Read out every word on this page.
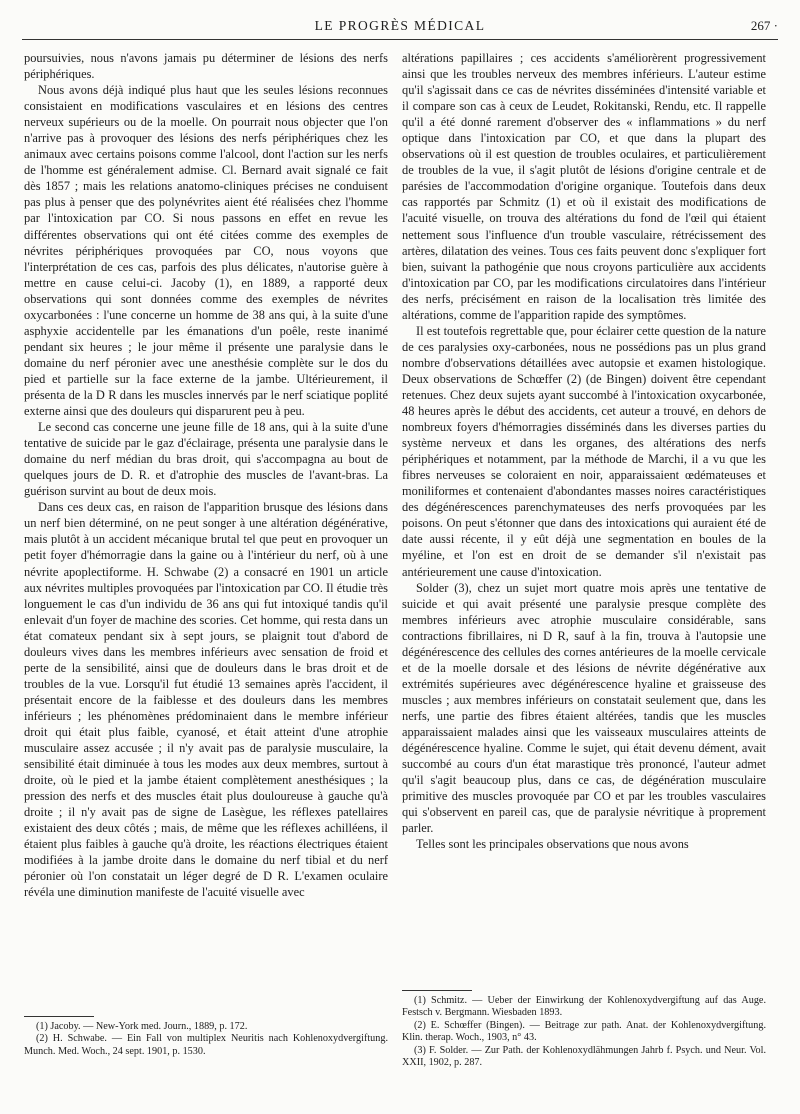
LE PROGRÈS MÉDICAL	267 ·

poursuivies, nous n'avons jamais pu déterminer de lésions des nerfs périphériques.

Nous avons déjà indiqué plus haut que les seules lésions reconnues consistaient en modifications vasculaires et en lésions des centres nerveux supérieurs ou de la moelle. On pourrait nous objecter que l'on n'arrive pas à provoquer des lésions des nerfs périphériques chez les animaux avec certains poisons comme l'alcool, dont l'action sur les nerfs de l'homme est généralement admise. Cl. Bernard avait signalé ce fait dès 1857 ; mais les relations anatomo-cliniques précises ne conduisent pas plus à penser que des polynévrites aient été réalisées chez l'homme par l'intoxication par CO. Si nous passons en effet en revue les différentes observations qui ont été citées comme des exemples de névrites périphériques provoquées par CO, nous voyons que l'interprétation de ces cas, parfois des plus délicates, n'autorise guère à mettre en cause celui-ci. Jacoby (1), en 1889, a rapporté deux observations qui sont données comme des exemples de névrites oxycarbonées : l'une concerne un homme de 38 ans qui, à la suite d'une asphyxie accidentelle par les émanations d'un poêle, reste inanimé pendant six heures ; le jour même il présente une paralysie dans le domaine du nerf péronier avec une anesthésie complète sur le dos du pied et partielle sur la face externe de la jambe. Ultérieurement, il présenta de la D R dans les muscles innervés par le nerf sciatique poplité externe ainsi que des douleurs qui disparurent peu à peu.

Le second cas concerne une jeune fille de 18 ans, qui à la suite d'une tentative de suicide par le gaz d'éclairage, présenta une paralysie dans le domaine du nerf médian du bras droit, qui s'accompagna au bout de quelques jours de D. R. et d'atrophie des muscles de l'avant-bras. La guérison survint au bout de deux mois.

Dans ces deux cas, en raison de l'apparition brusque des lésions dans un nerf bien déterminé, on ne peut songer à une altération dégénérative, mais plutôt à un accident mécanique brutal tel que peut en provoquer un petit foyer d'hémorragie dans la gaine ou à l'intérieur du nerf, où à une névrite apoplectiforme. H. Schwabe (2) a consacré en 1901 un article aux névrites multiples provoquées par l'intoxication par CO. Il étudie très longuement le cas d'un individu de 36 ans qui fut intoxiqué tandis qu'il enlevait d'un foyer de machine des scories. Cet homme, qui resta dans un état comateux pendant six à sept jours, se plaignit tout d'abord de douleurs vives dans les membres inférieurs avec sensation de froid et perte de la sensibilité, ainsi que de douleurs dans le bras droit et de troubles de la vue. Lorsqu'il fut étudié 13 semaines après l'accident, il présentait encore de la faiblesse et des douleurs dans les membres inférieurs ; les phénomènes prédominaient dans le membre inférieur droit qui était plus faible, cyanosé, et était atteint d'une atrophie musculaire assez accusée ; il n'y avait pas de paralysie musculaire, la sensibilité était diminuée à tous les modes aux deux membres, surtout à droite, où le pied et la jambe étaient complètement anesthésiques ; la pression des nerfs et des muscles était plus douloureuse à gauche qu'à droite ; il n'y avait pas de signe de Lasègue, les réflexes patellaires existaient des deux côtés ; mais, de même que les réflexes achilléens, il étaient plus faibles à gauche qu'à droite, les réactions électriques étaient modifiées à la jambe droite dans le domaine du nerf tibial et du nerf péronier où l'on constatait un léger degré de D R. L'examen oculaire révéla une diminution manifeste de l'acuité visuelle avec

altérations papillaires ; ces accidents s'améliorèrent progressivement ainsi que les troubles nerveux des membres inférieurs. L'auteur estime qu'il s'agissait dans ce cas de névrites disséminées d'intensité variable et il compare son cas à ceux de Leudet, Rokitanski, Rendu, etc. Il rappelle qu'il a été donné rarement d'observer des « inflammations » du nerf optique dans l'intoxication par CO, et que dans la plupart des observations où il est question de troubles oculaires, et particulièrement de troubles de la vue, il s'agit plutôt de lésions d'origine centrale et de parésies de l'accommodation d'origine organique. Toutefois dans deux cas rapportés par Schmitz (1) et où il existait des modifications de l'acuité visuelle, on trouva des altérations du fond de l'œil qui étaient nettement sous l'influence d'un trouble vasculaire, rétrécissement des artères, dilatation des veines. Tous ces faits peuvent donc s'expliquer fort bien, suivant la pathogénie que nous croyons particulière aux accidents d'intoxication par CO, par les modifications circulatoires dans l'intérieur des nerfs, précisément en raison de la localisation très limitée des altérations, comme de l'apparition rapide des symptômes.

Il est toutefois regrettable que, pour éclairer cette question de la nature de ces paralysies oxy-carbonées, nous ne possédions pas un plus grand nombre d'observations détaillées avec autopsie et examen histologique. Deux observations de Schœffer (2) (de Bingen) doivent être cependant retenues. Chez deux sujets ayant succombé à l'intoxication oxycarbonée, 48 heures après le début des accidents, cet auteur a trouvé, en dehors de nombreux foyers d'hémorragies disséminés dans les diverses parties du système nerveux et dans les organes, des altérations des nerfs périphériques et notamment, par la méthode de Marchi, il a vu que les fibres nerveuses se coloraient en noir, apparaissaient œdémateuses et moniliformes et contenaient d'abondantes masses noires caractéristiques des dégénérescences parenchymateuses des nerfs provoquées par les poisons. On peut s'étonner que dans des intoxications qui auraient été de date aussi récente, il y eût déjà une segmentation en boules de la myéline, et l'on est en droit de se demander s'il n'existait pas antérieurement une cause d'intoxication.

Solder (3), chez un sujet mort quatre mois après une tentative de suicide et qui avait présenté une paralysie presque complète des membres inférieurs avec atrophie musculaire considérable, sans contractions fibrillaires, ni D R, sauf à la fin, trouva à l'autopsie une dégénérescence des cellules des cornes antérieures de la moelle cervicale et de la moelle dorsale et des lésions de névrite dégénérative aux extrémités supérieures avec dégénérescence hyaline et graisseuse des muscles ; aux membres inférieurs on constatait seulement que, dans les nerfs, une partie des fibres étaient altérées, tandis que les muscles apparaissaient malades ainsi que les vaisseaux musculaires atteints de dégénérescence hyaline. Comme le sujet, qui était devenu dément, avait succombé au cours d'un état marastique très prononcé, l'auteur admet qu'il s'agit beaucoup plus, dans ce cas, de dégénération musculaire primitive des muscles provoquée par CO et par les troubles vasculaires qui s'observent en pareil cas, que de paralysie névritique à proprement parler.

Telles sont les principales observations que nous avons

(1) Jacoby. — New-York med. Journ., 1889, p. 172.

(2) H. Schwabe. — Ein Fall von multiplex Neuritis nach Kohlenoxydvergiftung. Munch. Med. Woch., 24 sept. 1901, p. 1530.

(1) Schmitz. — Ueber der Einwirkung der Kohlenoxydvergiftung auf das Auge. Festsch v. Bergmann. Wiesbaden 1893.

(2) E. Schœffer (Bingen). — Beitrage zur path. Anat. der Kohlenoxydvergiftung. Klin. therap. Woch., 1903, n° 43.

(3) F. Solder. — Zur Path. der Kohlenoxydlähmungen Jahrb f. Psych. und Neur. Vol. XXII, 1902, p. 287.
